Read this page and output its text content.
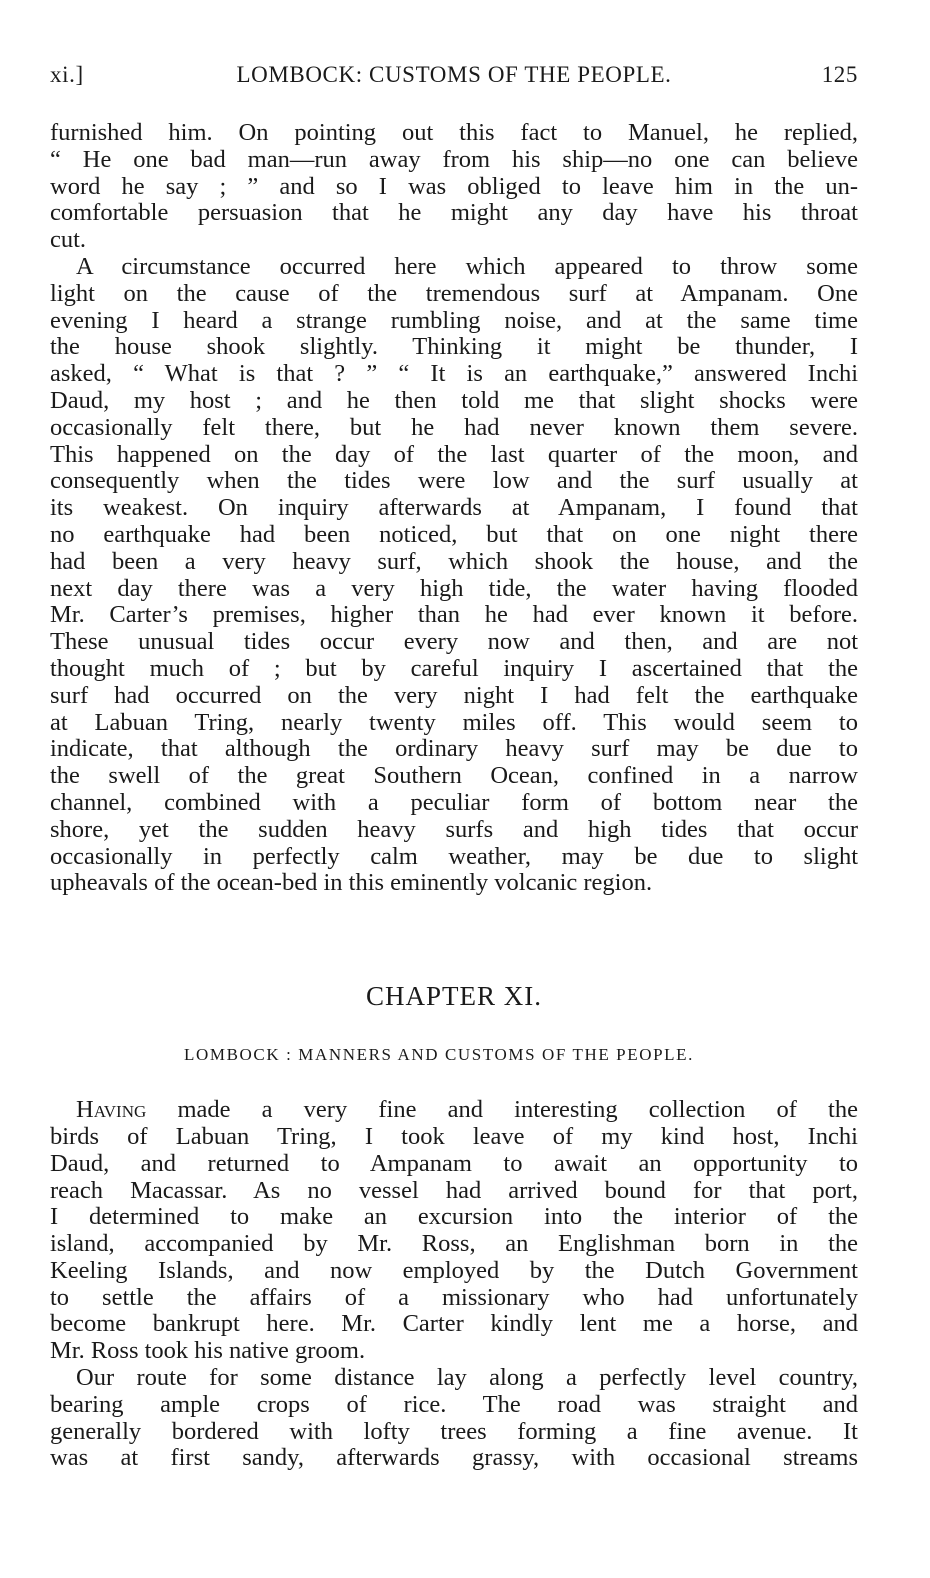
xi.]	LOMBOCK: CUSTOMS OF THE PEOPLE.	125
furnished him. On pointing out this fact to Manuel, he replied,
“ He one bad man—run away from his ship—no one can believe
word he say ; ” and so I was obliged to leave him in the un-
comfortable persuasion that he might any day have his throat
cut.
A circumstance occurred here which appeared to throw some
light on the cause of the tremendous surf at Ampanam. One
evening I heard a strange rumbling noise, and at the same time
the house shook slightly. Thinking it might be thunder, I
asked, “ What is that ? ” “ It is an earthquake,” answered Inchi
Daud, my host ; and he then told me that slight shocks were
occasionally felt there, but he had never known them severe.
This happened on the day of the last quarter of the moon, and
consequently when the tides were low and the surf usually at
its weakest. On inquiry afterwards at Ampanam, I found that
no earthquake had been noticed, but that on one night there
had been a very heavy surf, which shook the house, and the
next day there was a very high tide, the water having flooded
Mr. Carter’s premises, higher than he had ever known it before.
These unusual tides occur every now and then, and are not
thought much of ; but by careful inquiry I ascertained that the
surf had occurred on the very night I had felt the earthquake
at Labuan Tring, nearly twenty miles off. This would seem to
indicate, that although the ordinary heavy surf may be due to
the swell of the great Southern Ocean, confined in a narrow
channel, combined with a peculiar form of bottom near the
shore, yet the sudden heavy surfs and high tides that occur
occasionally in perfectly calm weather, may be due to slight
upheavals of the ocean-bed in this eminently volcanic region.
CHAPTER XI.
LOMBOCK : MANNERS AND CUSTOMS OF THE PEOPLE.
Having made a very fine and interesting collection of the
birds of Labuan Tring, I took leave of my kind host, Inchi
Daud, and returned to Ampanam to await an opportunity to
reach Macassar. As no vessel had arrived bound for that port,
I determined to make an excursion into the interior of the
island, accompanied by Mr. Ross, an Englishman born in the
Keeling Islands, and now employed by the Dutch Government
to settle the affairs of a missionary who had unfortunately
become bankrupt here. Mr. Carter kindly lent me a horse, and
Mr. Ross took his native groom.
Our route for some distance lay along a perfectly level country,
bearing ample crops of rice. The road was straight and
generally bordered with lofty trees forming a fine avenue. It
was at first sandy, afterwards grassy, with occasional streams
